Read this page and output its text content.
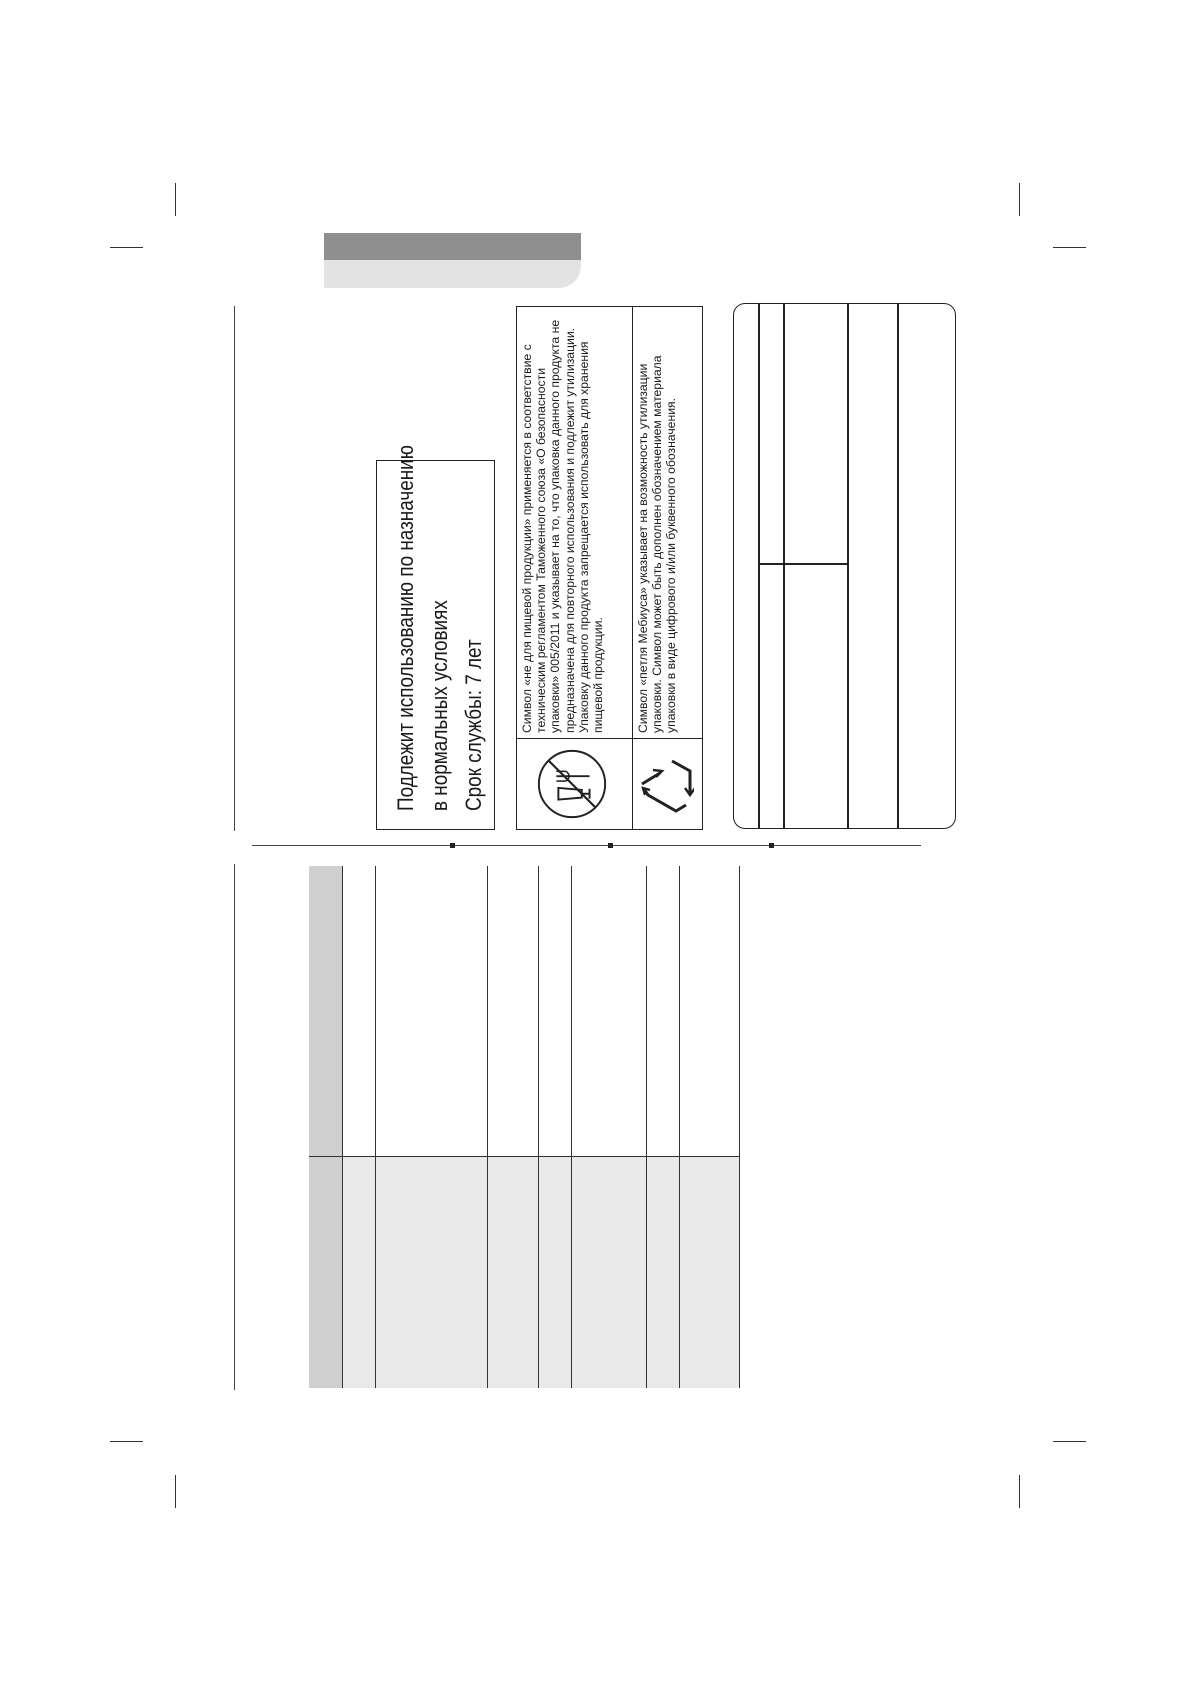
Подлежит использованию по назначению в нормальных условиях Срок службы: 7 лет
		Символ «не для пищевой продукции» применяется в соответствие с техническим регламентом Таможенного союза «О безопасности упаковки» 005/2011 и указывает на то, что упаковка данного продукта не предназначена для повторного использования и подлежит утилизации. Упаковку данного продукта запрещается использовать для хранения пищевой продукции.
	Символ «петля Мебиуса» указывает на возможность утилизации упаковки. Символ может быть дополнен обозначением материала упаковки в виде цифрового и/или буквенного обозначения.
